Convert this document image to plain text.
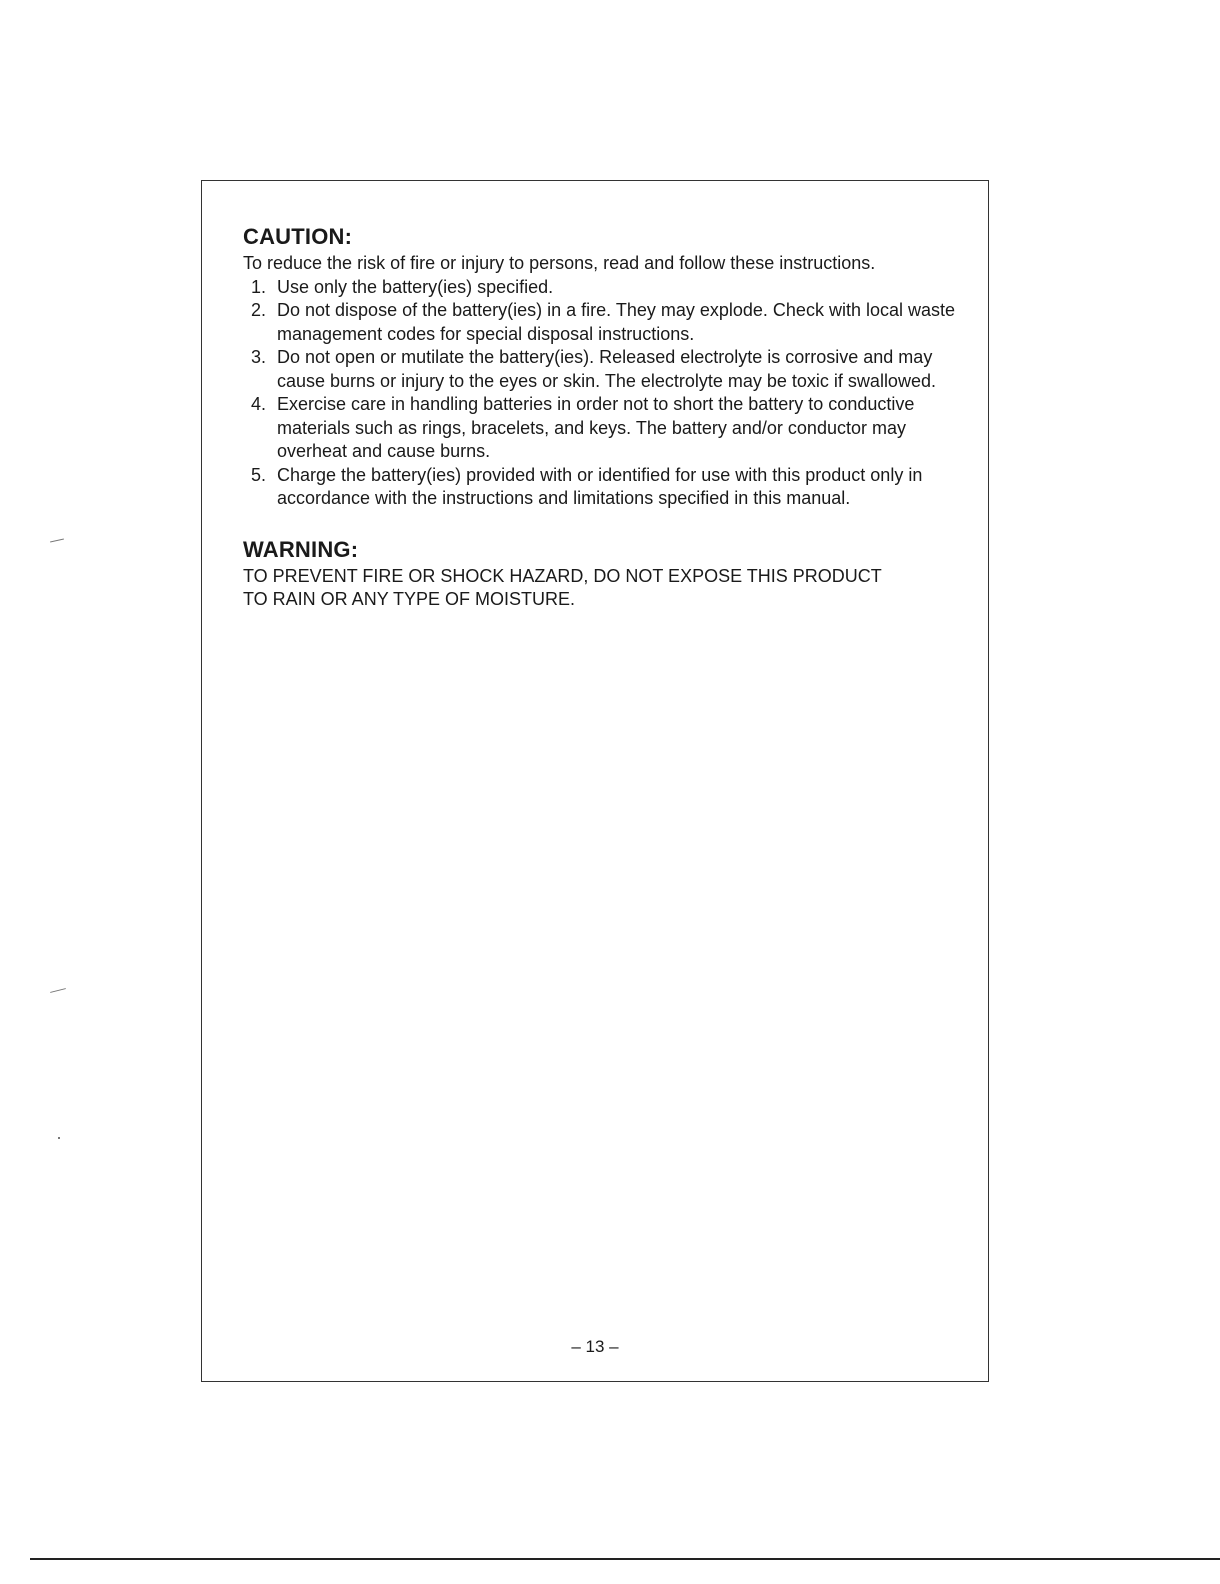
CAUTION:

To reduce the risk of fire or injury to persons, read and follow these instructions.

1. Use only the battery(ies) specified.
2. Do not dispose of the battery(ies) in a fire. They may explode. Check with local waste management codes for special disposal instructions.
3. Do not open or mutilate the battery(ies). Released electrolyte is corrosive and may cause burns or injury to the eyes or skin. The electrolyte may be toxic if swallowed.
4. Exercise care in handling batteries in order not to short the battery to conductive materials such as rings, bracelets, and keys. The battery and/or conductor may overheat and cause burns.
5. Charge the battery(ies) provided with or identified for use with this product only in accordance with the instructions and limitations specified in this manual.
WARNING:

TO PREVENT FIRE OR SHOCK HAZARD, DO NOT EXPOSE THIS PRODUCT TO RAIN OR ANY TYPE OF MOISTURE.

– 13 –
